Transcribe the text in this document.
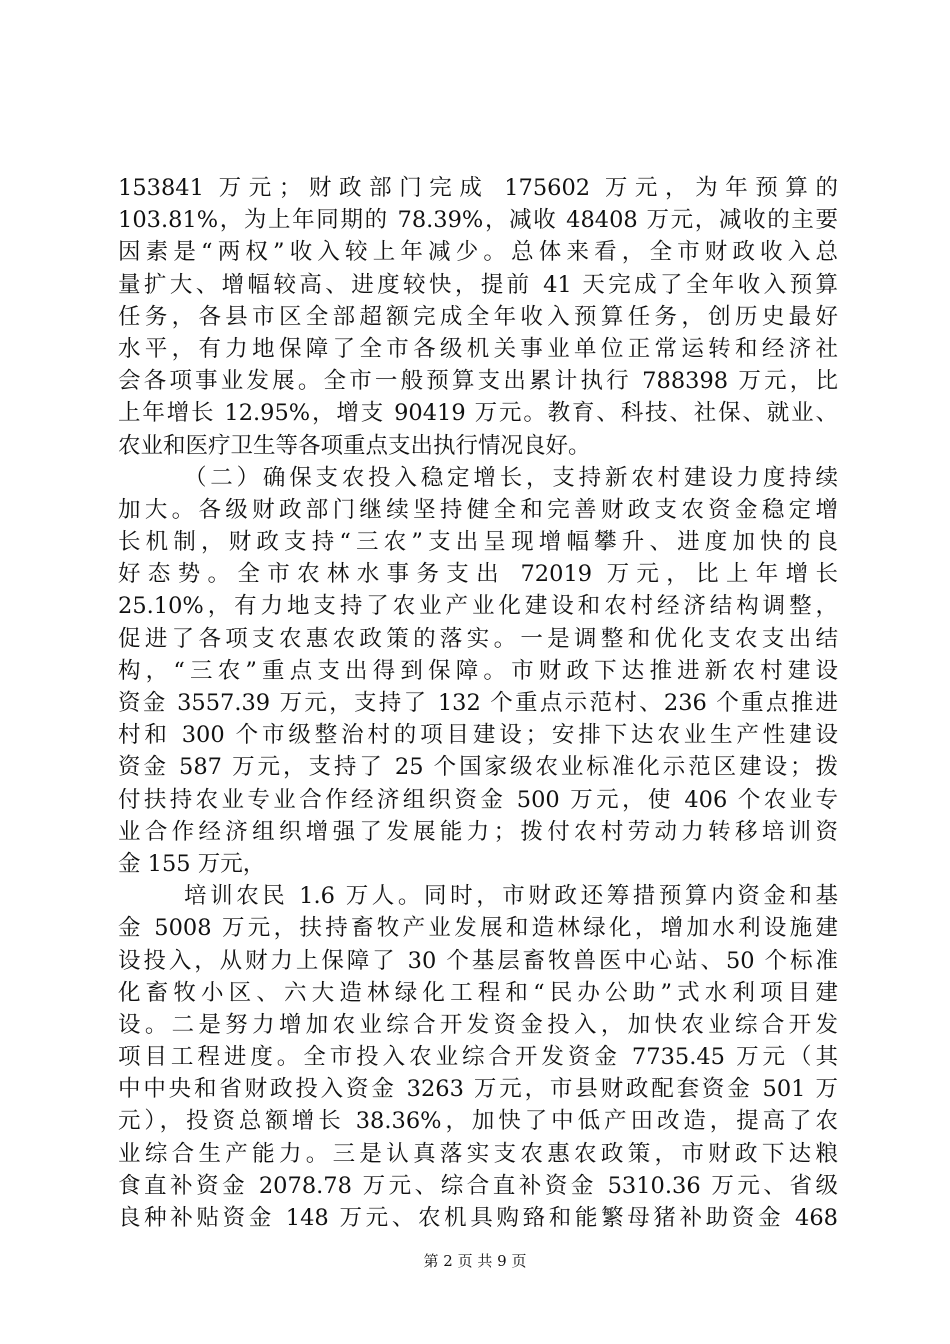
153841 万元；财政部门完成 175602 万元，为年预算的
103.81%，为上年同期的 78.39%，减收 48408 万元，减收的主要
因素是“两权”收入较上年减少。总体来看，全市财政收入总
量扩大、增幅较高、进度较快，提前 41 天完成了全年收入预算
任务，各县市区全部超额完成全年收入预算任务，创历史最好
水平，有力地保障了全市各级机关事业单位正常运转和经济社
会各项事业发展。全市一般预算支出累计执行 788398 万元，比
上年增长 12.95%，增支 90419 万元。教育、科技、社保、就业、
农业和医疗卫生等各项重点支出执行情况良好。
（二）确保支农投入稳定增长，支持新农村建设力度持续
加大。各级财政部门继续坚持健全和完善财政支农资金稳定增
长机制，财政支持“三农”支出呈现增幅攀升、进度加快的良
好态势。全市农林水事务支出 72019 万元，比上年增长
25.10%，有力地支持了农业产业化建设和农村经济结构调整，
促进了各项支农惠农政策的落实。一是调整和优化支农支出结
构，“三农”重点支出得到保障。市财政下达推进新农村建设
资金 3557.39 万元，支持了 132 个重点示范村、236 个重点推进
村和 300 个市级整治村的项目建设；安排下达农业生产性建设
资金 587 万元，支持了 25 个国家级农业标准化示范区建设；拨
付扶持农业专业合作经济组织资金 500 万元，使 406 个农业专
业合作经济组织增强了发展能力；拨付农村劳动力转移培训资
金 155 万元，
培训农民 1.6 万人。同时，市财政还筹措预算内资金和基
金 5008 万元，扶持畜牧产业发展和造林绿化，增加水利设施建
设投入，从财力上保障了 30 个基层畜牧兽医中心站、50 个标准
化畜牧小区、六大造林绿化工程和“民办公助”式水利项目建
设。二是努力增加农业综合开发资金投入，加快农业综合开发
项目工程进度。全市投入农业综合开发资金 7735.45 万元（其
中中央和省财政投入资金 3263 万元，市县财政配套资金 501 万
元），投资总额增长 38.36%，加快了中低产田改造，提高了农
业综合生产能力。三是认真落实支农惠农政策，市财政下达粮
食直补资金 2078.78 万元、综合直补资金 5310.36 万元、省级
良种补贴资金 148 万元、农机具购臵和能繁母猪补助资金 468
第 2 页 共 9 页
